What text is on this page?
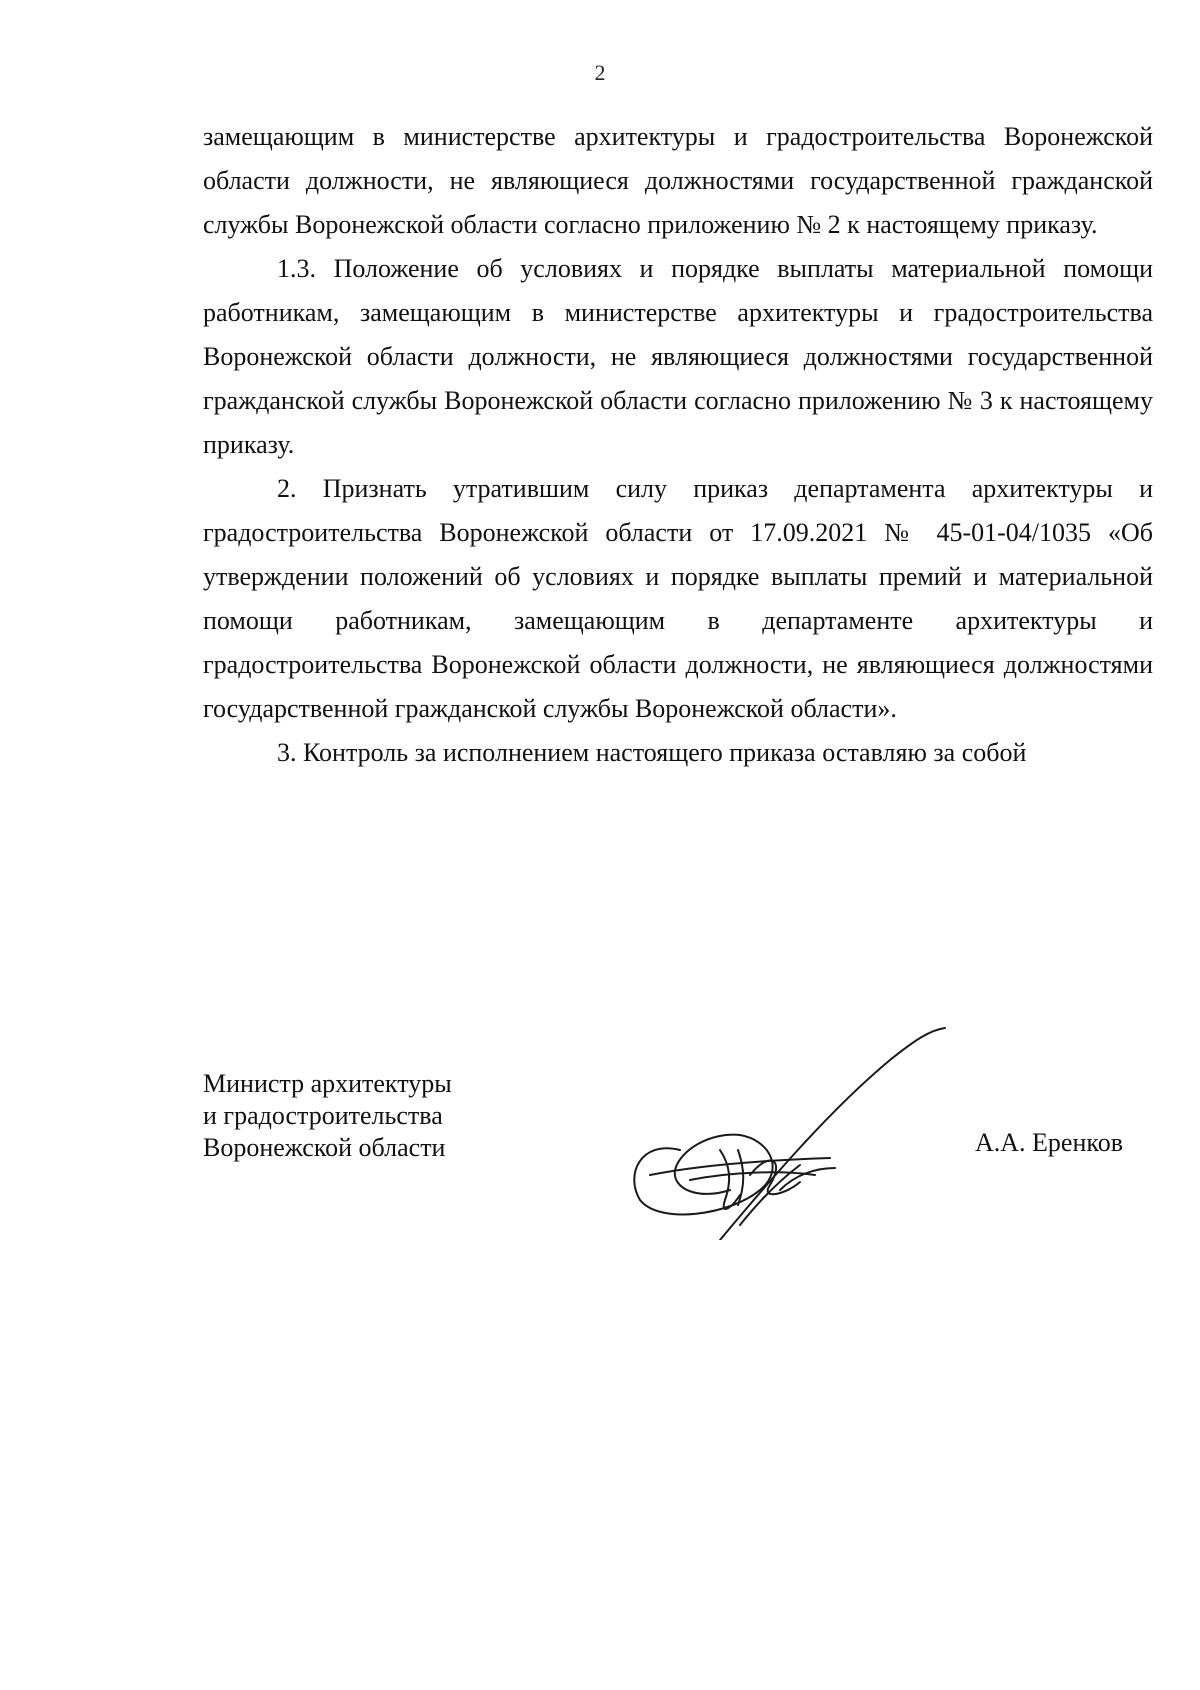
2

замещающим в министерстве архитектуры и градостроительства Воронежской области должности, не являющиеся должностями государственной гражданской службы Воронежской области согласно приложению № 2 к настоящему приказу.

1.3. Положение об условиях и порядке выплаты материальной помощи работникам, замещающим в министерстве архитектуры и градостроительства Воронежской области должности, не являющиеся должностями государственной гражданской службы Воронежской области согласно приложению № 3 к настоящему приказу.

2. Признать утратившим силу приказ департамента архитектуры и градостроительства Воронежской области от 17.09.2021 № 45-01-04/1035 «Об утверждении положений об условиях и порядке выплаты премий и материальной помощи работникам, замещающим в департаменте архитектуры и градостроительства Воронежской области должности, не являющиеся должностями государственной гражданской службы Воронежской области».

3. Контроль за исполнением настоящего приказа оставляю за собой

Министр архитектуры
и градостроительства
Воронежской области	А.А. Еренков
